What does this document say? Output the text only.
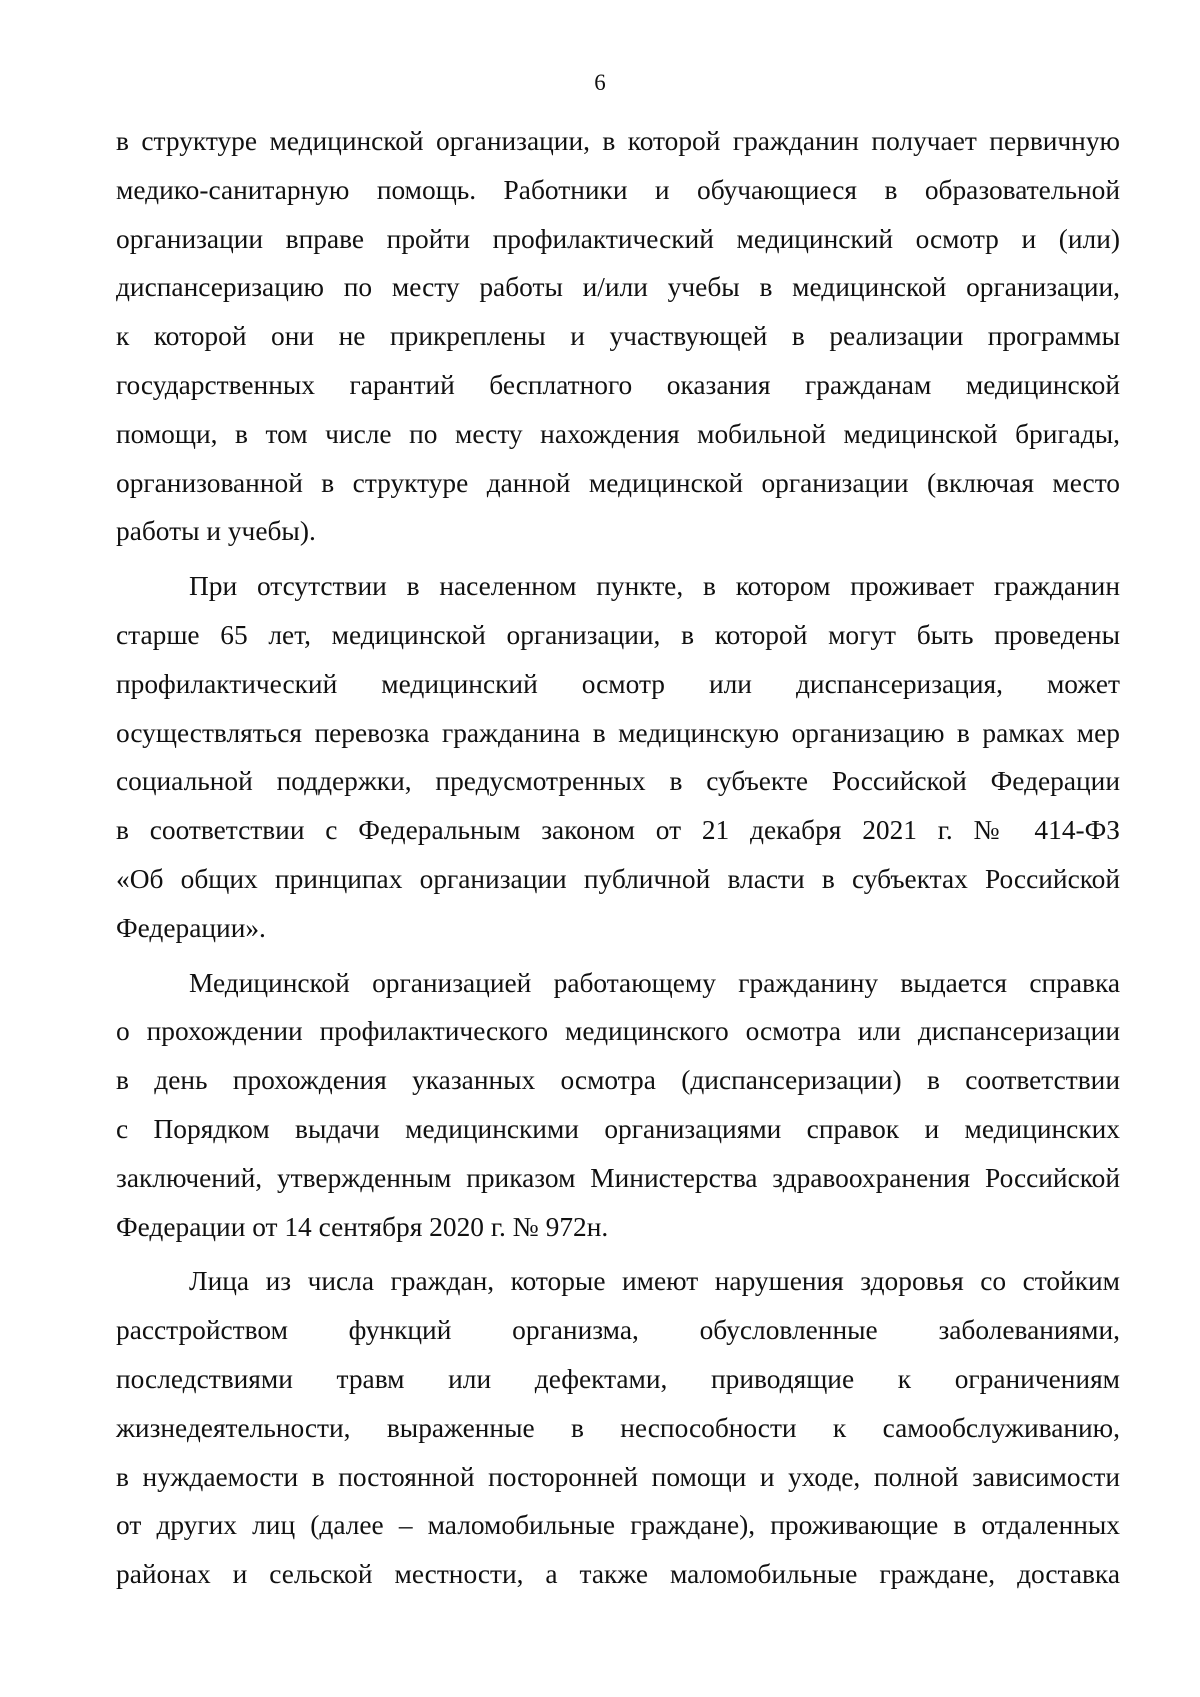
6
в структуре медицинской организации, в которой гражданин получает первичную
медико-санитарную помощь. Работники и обучающиеся в образовательной
организации вправе пройти профилактический медицинский осмотр и (или)
диспансеризацию по месту работы и/или учебы в медицинской организации,
к которой они не прикреплены и участвующей в реализации программы
государственных гарантий бесплатного оказания гражданам медицинской
помощи, в том числе по месту нахождения мобильной медицинской бригады,
организованной в структуре данной медицинской организации (включая место
работы и учебы).
При отсутствии в населенном пункте, в котором проживает гражданин
старше 65 лет, медицинской организации, в которой могут быть проведены
профилактический медицинский осмотр или диспансеризация, может
осуществляться перевозка гражданина в медицинскую организацию в рамках мер
социальной поддержки, предусмотренных в субъекте Российской Федерации
в соответствии с Федеральным законом от 21 декабря 2021 г. № 414-ФЗ
«Об общих принципах организации публичной власти в субъектах Российской
Федерации».
Медицинской организацией работающему гражданину выдается справка
о прохождении профилактического медицинского осмотра или диспансеризации
в день прохождения указанных осмотра (диспансеризации) в соответствии
с Порядком выдачи медицинскими организациями справок и медицинских
заключений, утвержденным приказом Министерства здравоохранения Российской
Федерации от 14 сентября 2020 г. № 972н.
Лица из числа граждан, которые имеют нарушения здоровья со стойким
расстройством функций организма, обусловленные заболеваниями,
последствиями травм или дефектами, приводящие к ограничениям
жизнедеятельности, выраженные в неспособности к самообслуживанию,
в нуждаемости в постоянной посторонней помощи и уходе, полной зависимости
от других лиц (далее – маломобильные граждане), проживающие в отдаленных
районах и сельской местности, а также маломобильные граждане, доставка
